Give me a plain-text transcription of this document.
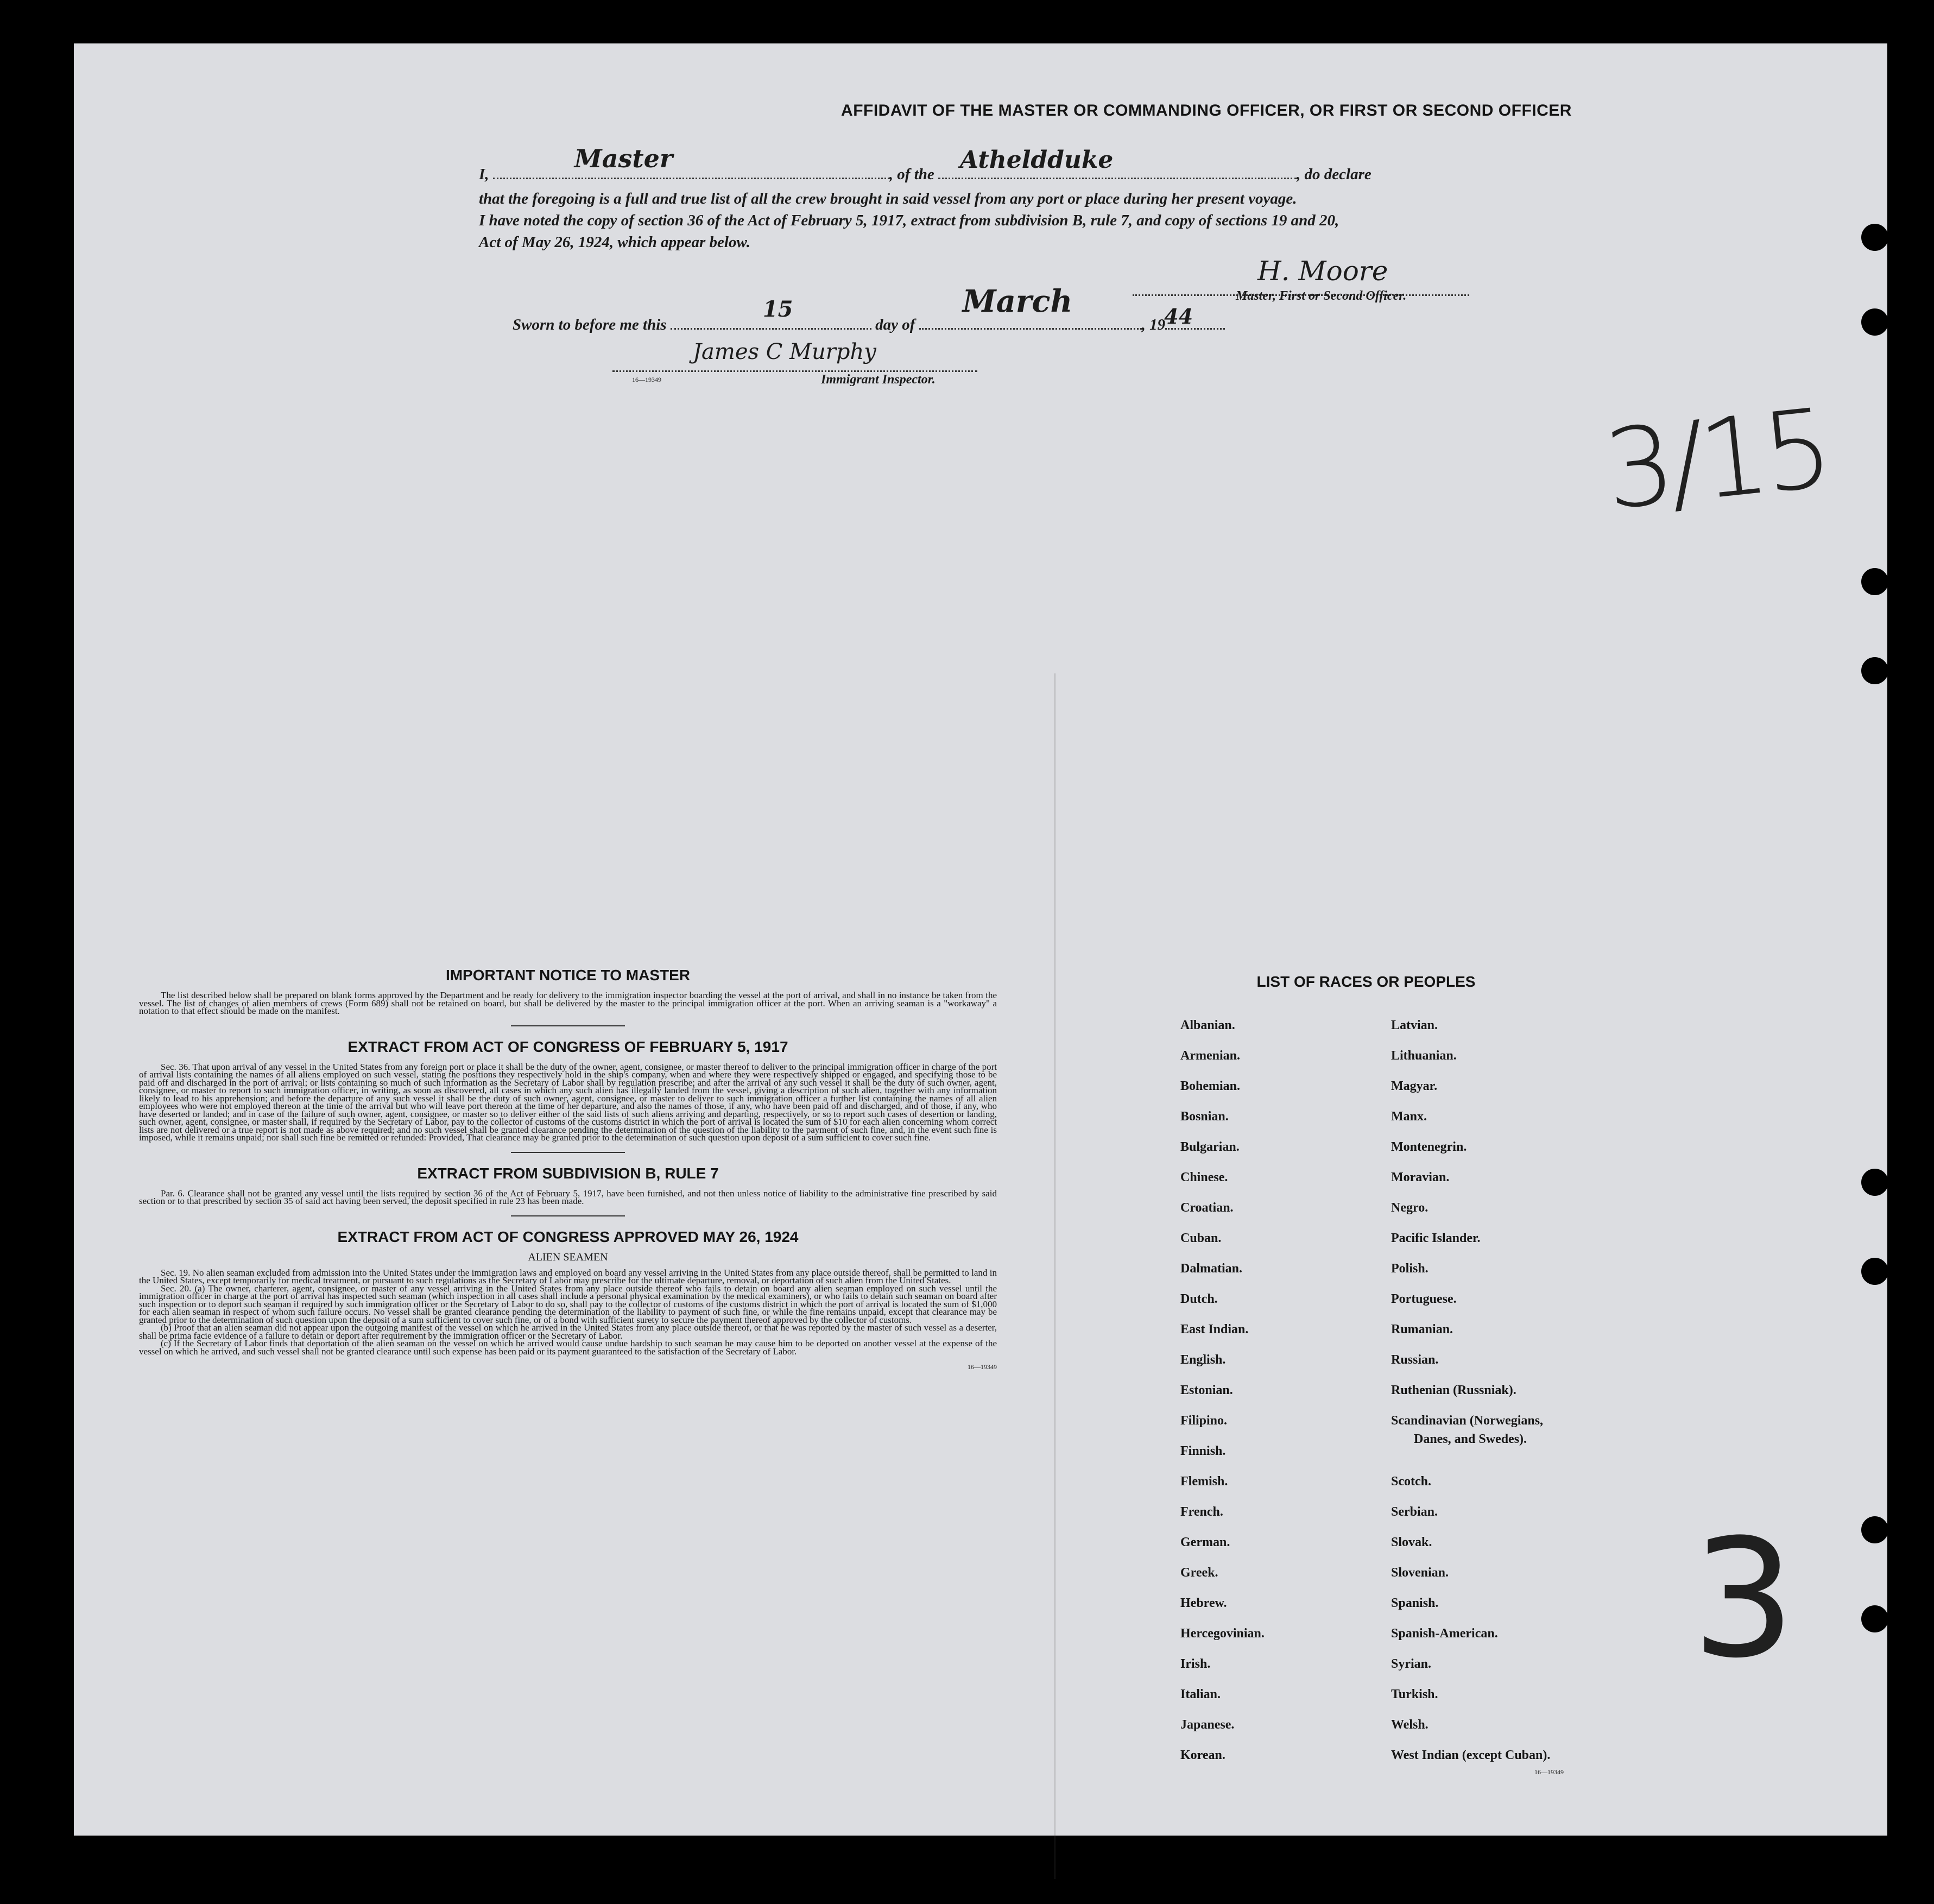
AFFIDAVIT OF THE MASTER OR COMMANDING OFFICER, OR FIRST OR SECOND OFFICER
I,
Master
, of the
Atheldduke
, do declare
that the foregoing is a full and true list of all the crew brought in said vessel from any port or place during her present voyage.
I have noted the copy of section 36 of the Act of February 5, 1917, extract from subdivision B, rule 7, and copy of sections 19 and 20,
Act of May 26, 1924, which appear below.
H. Moore
Master, First or Second Officer.
Sworn to before me this
15
day of
March
, 19
44
James C Murphy
16—19349	Immigrant Inspector.
3/15
3
IMPORTANT NOTICE TO MASTER
The list described below shall be prepared on blank forms approved by the Department and be ready for delivery to the immigration inspector boarding the vessel at the port of arrival, and shall in no instance be taken from the vessel. The list of changes of alien members of crews (Form 689) shall not be retained on board, but shall be delivered by the master to the principal immigration officer at the port. When an arriving seaman is a "workaway" a notation to that effect should be made on the manifest.
EXTRACT FROM ACT OF CONGRESS OF FEBRUARY 5, 1917
Sec. 36. That upon arrival of any vessel in the United States from any foreign port or place it shall be the duty of the owner, agent, consignee, or master thereof to deliver to the principal immigration officer in charge of the port of arrival lists containing the names of all aliens employed on such vessel, stating the positions they respectively hold in the ship's company, when and where they were respectively shipped or engaged, and specifying those to be paid off and discharged in the port of arrival; or lists containing so much of such information as the Secretary of Labor shall by regulation prescribe; and after the arrival of any such vessel it shall be the duty of such owner, agent, consignee, or master to report to such immigration officer, in writing, as soon as discovered, all cases in which any such alien has illegally landed from the vessel, giving a description of such alien, together with any information likely to lead to his apprehension; and before the departure of any such vessel it shall be the duty of such owner, agent, consignee, or master to deliver to such immigration officer a further list containing the names of all alien employees who were not employed thereon at the time of the arrival but who will leave port thereon at the time of her departure, and also the names of those, if any, who have been paid off and discharged, and of those, if any, who have deserted or landed; and in case of the failure of such owner, agent, consignee, or master so to deliver either of the said lists of such aliens arriving and departing, respectively, or so to report such cases of desertion or landing, such owner, agent, consignee, or master shall, if required by the Secretary of Labor, pay to the collector of customs of the customs district in which the port of arrival is located the sum of $10 for each alien concerning whom correct lists are not delivered or a true report is not made as above required; and no such vessel shall be granted clearance pending the determination of the question of the liability to the payment of such fine, and, in the event such fine is imposed, while it remains unpaid; nor shall such fine be remitted or refunded: Provided, That clearance may be granted prior to the determination of such question upon deposit of a sum sufficient to cover such fine.
EXTRACT FROM SUBDIVISION B, RULE 7
Par. 6. Clearance shall not be granted any vessel until the lists required by section 36 of the Act of February 5, 1917, have been furnished, and not then unless notice of liability to the administrative fine prescribed by said section or to that prescribed by section 35 of said act having been served, the deposit specified in rule 23 has been made.
EXTRACT FROM ACT OF CONGRESS APPROVED MAY 26, 1924
ALIEN SEAMEN
Sec. 19. No alien seaman excluded from admission into the United States under the immigration laws and employed on board any vessel arriving in the United States from any place outside thereof, shall be permitted to land in the United States, except temporarily for medical treatment, or pursuant to such regulations as the Secretary of Labor may prescribe for the ultimate departure, removal, or deportation of such alien from the United States.
Sec. 20. (a) The owner, charterer, agent, consignee, or master of any vessel arriving in the United States from any place outside thereof who fails to detain on board any alien seaman employed on such vessel until the immigration officer in charge at the port of arrival has inspected such seaman (which inspection in all cases shall include a personal physical examination by the medical examiners), or who fails to detain such seaman on board after such inspection or to deport such seaman if required by such immigration officer or the Secretary of Labor to do so, shall pay to the collector of customs of the customs district in which the port of arrival is located the sum of $1,000 for each alien seaman in respect of whom such failure occurs. No vessel shall be granted clearance pending the determination of the liability to payment of such fine, or while the fine remains unpaid, except that clearance may be granted prior to the determination of such question upon the deposit of a sum sufficient to cover such fine, or of a bond with sufficient surety to secure the payment thereof approved by the collector of customs.
(b) Proof that an alien seaman did not appear upon the outgoing manifest of the vessel on which he arrived in the United States from any place outside thereof, or that he was reported by the master of such vessel as a deserter, shall be prima facie evidence of a failure to detain or deport after requirement by the immigration officer or the Secretary of Labor.
(c) If the Secretary of Labor finds that deportation of the alien seaman on the vessel on which he arrived would cause undue hardship to such seaman he may cause him to be deported on another vessel at the expense of the vessel on which he arrived, and such vessel shall not be granted clearance until such expense has been paid or its payment guaranteed to the satisfaction of the Secretary of Labor.
16—19349
LIST OF RACES OR PEOPLES
Albanian.
Armenian.
Bohemian.
Bosnian.
Bulgarian.
Chinese.
Croatian.
Cuban.
Dalmatian.
Dutch.
East Indian.
English.
Estonian.
Filipino.
Finnish.
Flemish.
French.
German.
Greek.
Hebrew.
Hercegovinian.
Irish.
Italian.
Japanese.
Korean.
Latvian.
Lithuanian.
Magyar.
Manx.
Montenegrin.
Moravian.
Negro.
Pacific Islander.
Polish.
Portuguese.
Rumanian.
Russian.
Ruthenian (Russniak).
Scandinavian (Norwegians,
Danes, and Swedes).
Scotch.
Serbian.
Slovak.
Slovenian.
Spanish.
Spanish-American.
Syrian.
Turkish.
Welsh.
West Indian (except Cuban).
16—19349
